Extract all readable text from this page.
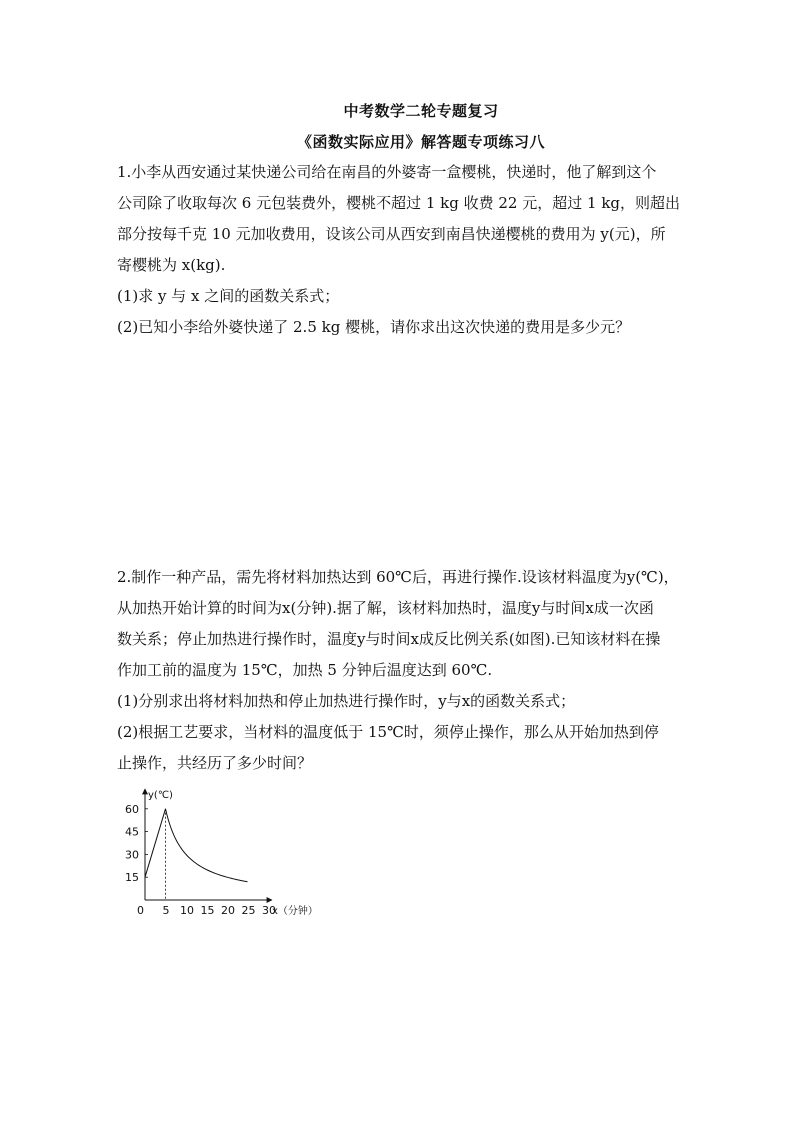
中考数学二轮专题复习
《函数实际应用》解答题专项练习八
1.小李从西安通过某快递公司给在南昌的外婆寄一盒樱桃，快递时，他了解到这个
公司除了收取每次 6 元包装费外，樱桃不超过 1 kg 收费 22 元，超过 1 kg，则超出
部分按每千克 10 元加收费用，设该公司从西安到南昌快递樱桃的费用为 y(元)，所
寄樱桃为 x(kg).
(1)求 y 与 x 之间的函数关系式；
(2)已知小李给外婆快递了 2.5 kg 樱桃，请你求出这次快递的费用是多少元？
2.制作一种产品，需先将材料加热达到 60℃后，再进行操作.设该材料温度为y(℃)，
从加热开始计算的时间为x(分钟).据了解，该材料加热时，温度y与时间x成一次函
数关系；停止加热进行操作时，温度y与时间x成反比例关系(如图).已知该材料在操
作加工前的温度为 15℃，加热 5 分钟后温度达到 60℃.
(1)分别求出将材料加热和停止加热进行操作时，y与x的函数关系式；
(2)根据工艺要求，当材料的温度低于 15℃时，须停止操作，那么从开始加热到停
止操作，共经历了多少时间？
y(℃)
x（分钟）
0 5 10 15 20 25 30
15
30
45
60
